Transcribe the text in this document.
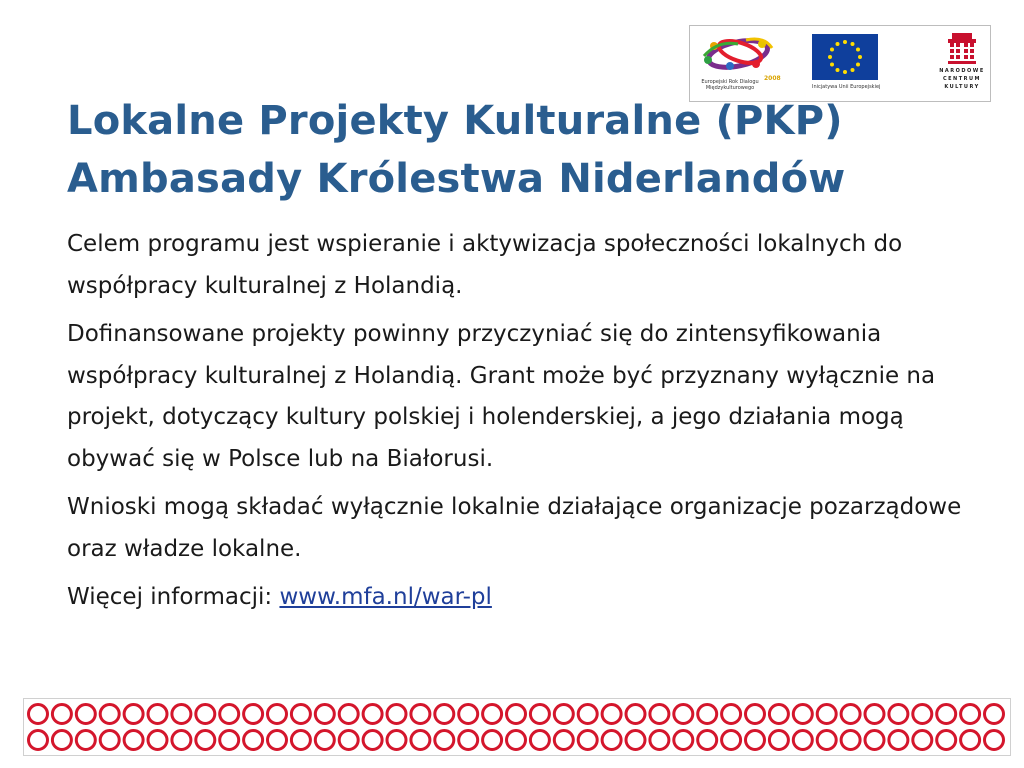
Europejski Rok Dialogu
Międzykulturowego
2008
Inicjatywa Unii Europejskiej
NARODOWE
CENTRUM
KULTURY
Lokalne Projekty Kulturalne (PKP)
Ambasady Królestwa Niderlandów

Celem programu jest wspieranie i aktywizacja społeczności lokalnych do współpracy kulturalnej z Holandią.

Dofinansowane projekty powinny przyczyniać się do zintensyfikowania współpracy kulturalnej z Holandią. Grant może być przyznany wyłącznie na projekt, dotyczący kultury polskiej i holenderskiej, a jego działania mogą obywać się w Polsce lub na Białorusi.

Wnioski mogą składać wyłącznie lokalnie działające organizacje pozarządowe oraz władze lokalne.

Więcej informacji: www.mfa.nl/war-pl
